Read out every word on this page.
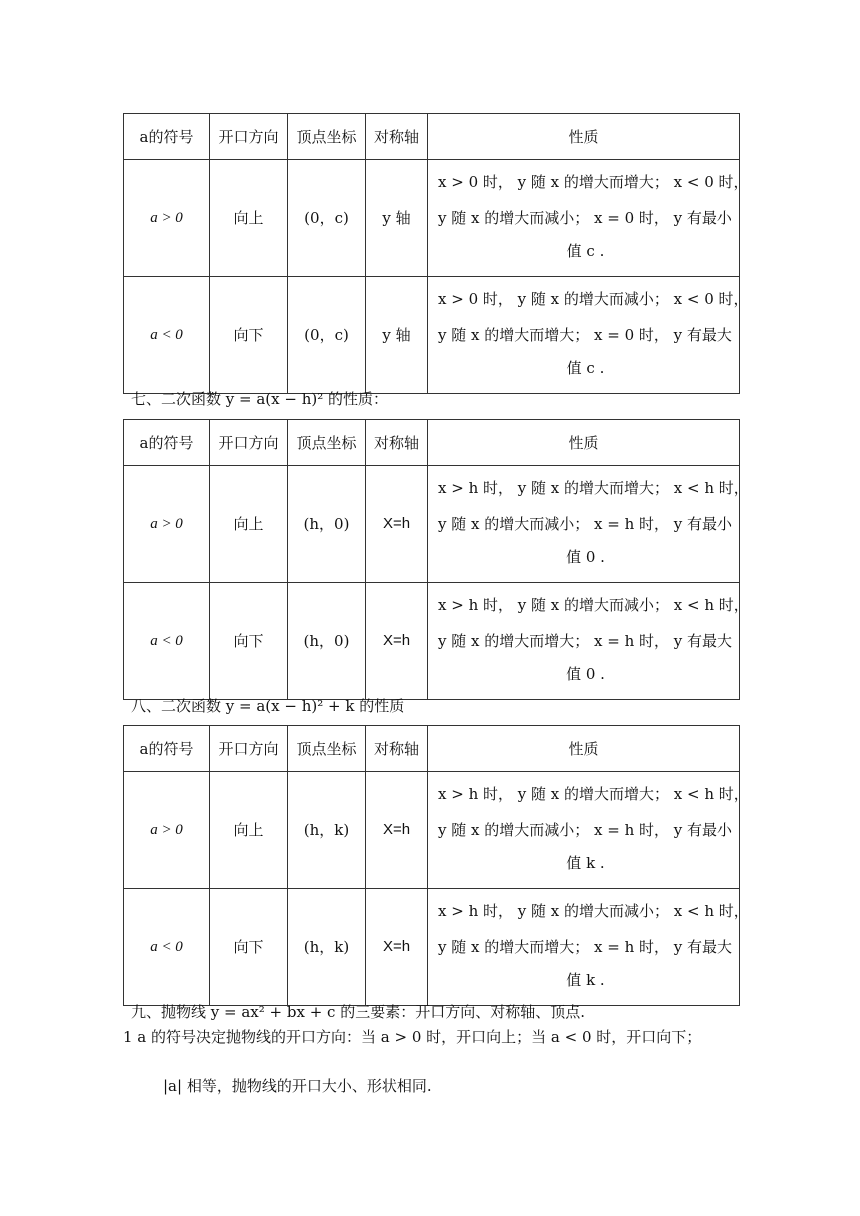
a的符号	开口方向	顶点坐标	对称轴	性质
a > 0	向上	(0，c)	y 轴	x > 0 时， y 随 x 的增大而增大； x < 0 时，
y 随 x 的增大而减小； x = 0 时， y 有最小
值 c .

a < 0	向下	(0，c)	y 轴	x > 0 时， y 随 x 的增大而减小； x < 0 时，
y 随 x 的增大而增大； x = 0 时， y 有最大
值 c .
七、二次函数 y = a(x − h)² 的性质：
a的符号	开口方向	顶点坐标	对称轴	性质
a > 0	向上	(h，0)	X=h	x > h 时， y 随 x 的增大而增大； x < h 时，
y 随 x 的增大而减小； x = h 时， y 有最小
值 0 .

a < 0	向下	(h，0)	X=h	x > h 时， y 随 x 的增大而减小； x < h 时，
y 随 x 的增大而增大； x = h 时， y 有最大
值 0 .
八、二次函数 y = a(x − h)² + k 的性质
a的符号	开口方向	顶点坐标	对称轴	性质
a > 0	向上	(h，k)	X=h	x > h 时， y 随 x 的增大而增大； x < h 时，
y 随 x 的增大而减小； x = h 时， y 有最小
值 k .

a < 0	向下	(h，k)	X=h	x > h 时， y 随 x 的增大而减小； x < h 时，
y 随 x 的增大而增大； x = h 时， y 有最大
值 k .
九、抛物线 y = ax² + bx + c 的三要素：开口方向、对称轴、顶点.
1 a 的符号决定抛物线的开口方向：当 a > 0 时，开口向上；当 a < 0 时，开口向下；
|a| 相等，抛物线的开口大小、形状相同.
